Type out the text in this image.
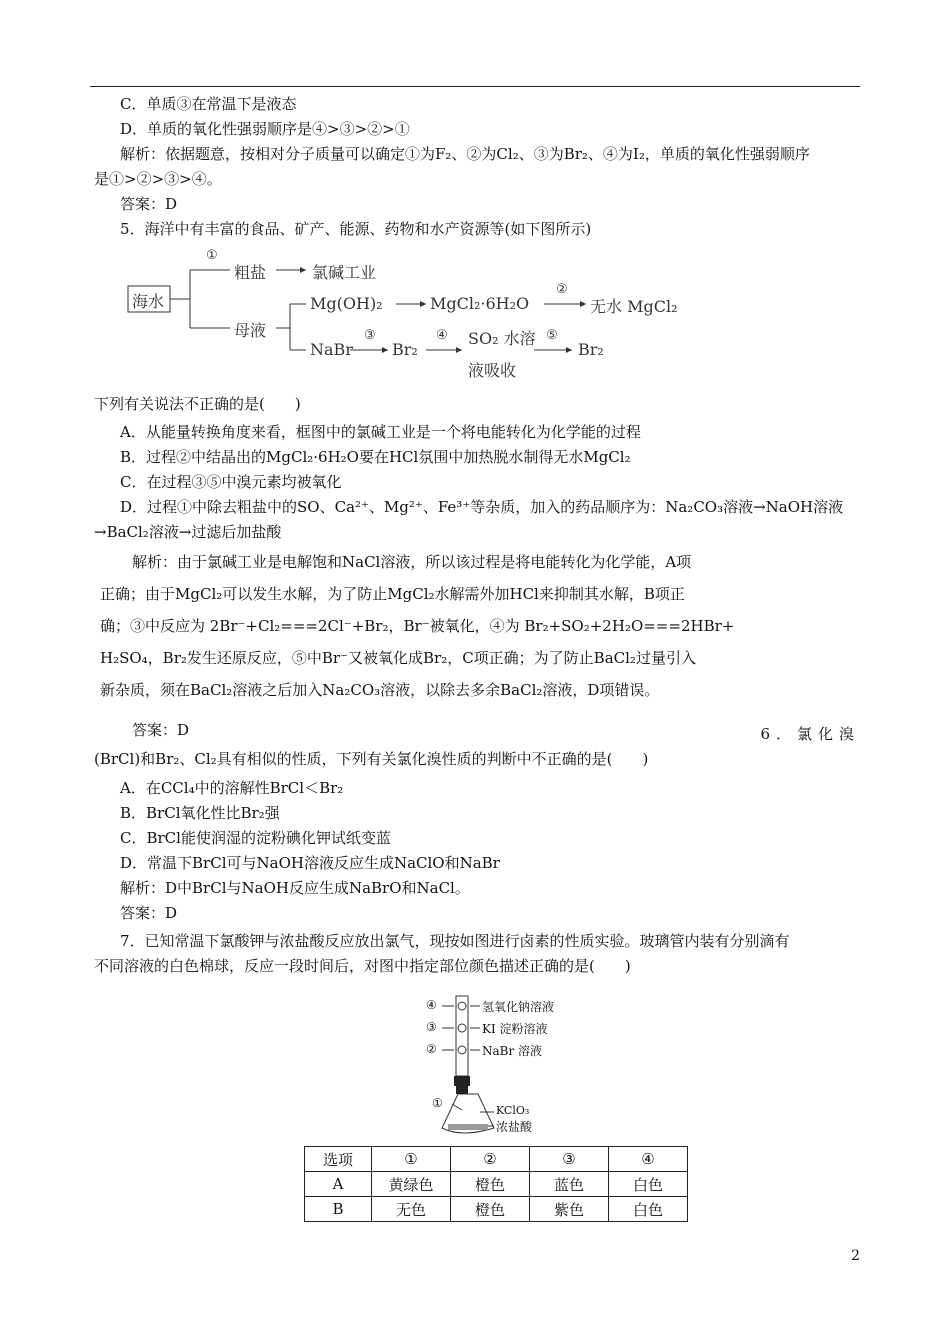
C．单质③在常温下是液态
D．单质的氧化性强弱顺序是④>③>②>①
解析：依据题意，按相对分子质量可以确定①为F₂、②为Cl₂、③为Br₂、④为I₂，单质的氧化性强弱顺序
是①>②>③>④。
答案：D
5．海洋中有丰富的食品、矿产、能源、药物和水产资源等(如下图所示)
海水
①
粗盐	氯碱工业
母液
Mg(OH)₂	MgCl₂·6H₂O
②
无水 MgCl₂
NaBr
③
Br₂
④ SO₂ 水溶
液吸收
⑤
Br₂
下列有关说法不正确的是(　　)
A．从能量转换角度来看，框图中的氯碱工业是一个将电能转化为化学能的过程
B．过程②中结晶出的MgCl₂·6H₂O要在HCl氛围中加热脱水制得无水MgCl₂
C．在过程③⑤中溴元素均被氧化
D．过程①中除去粗盐中的SO、Ca²⁺、Mg²⁺、Fe³⁺等杂质，加入的药品顺序为：Na₂CO₃溶液→NaOH溶液
→BaCl₂溶液→过滤后加盐酸
解析：由于氯碱工业是电解饱和NaCl溶液，所以该过程是将电能转化为化学能，A项
正确；由于MgCl₂可以发生水解，为了防止MgCl₂水解需外加HCl来抑制其水解，B项正
确；③中反应为 2Br⁻+Cl₂===2Cl⁻+Br₂，Br⁻被氧化，④为 Br₂+SO₂+2H₂O===2HBr+
H₂SO₄，Br₂发生还原反应，⑤中Br⁻又被氧化成Br₂，C项正确；为了防止BaCl₂过量引入
新杂质，须在BaCl₂溶液之后加入Na₂CO₃溶液，以除去多余BaCl₂溶液，D项错误。
答案：D	6．氯化溴
(BrCl)和Br₂、Cl₂具有相似的性质，下列有关氯化溴性质的判断中不正确的是(　　)
A．在CCl₄中的溶解性BrCl＜Br₂
B．BrCl氧化性比Br₂强
C．BrCl能使润湿的淀粉碘化钾试纸变蓝
D．常温下BrCl可与NaOH溶液反应生成NaClO和NaBr
解析：D中BrCl与NaOH反应生成NaBrO和NaCl。
答案：D
7．已知常温下氯酸钾与浓盐酸反应放出氯气，现按如图进行卤素的性质实验。玻璃管内装有分别滴有
不同溶液的白色棉球，反应一段时间后，对图中指定部位颜色描述正确的是(　　)
④	氢氧化钠溶液
③	KI 淀粉溶液
②	NaBr 溶液
①
KClO₃
浓盐酸
选项	①	②	③	④
A	黄绿色	橙色	蓝色	白色
B	无色	橙色	紫色	白色
2
